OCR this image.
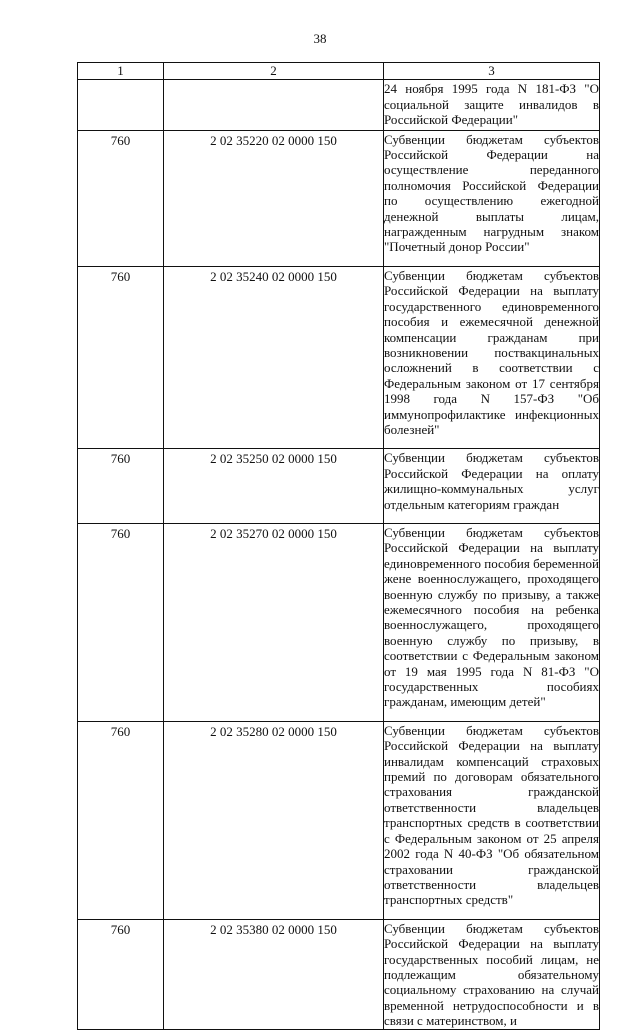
38
1	2	3
		24 ноября 1995 года N 181-ФЗ "О социальной защите инвалидов в Российской Федерации"
760	2 02 35220 02 0000 150	Субвенции бюджетам субъектов Российской Федерации на осуществление переданного полномочия Российской Федерации по осуществлению ежегодной денежной выплаты лицам, награжденным нагрудным знаком "Почетный донор России"
760	2 02 35240 02 0000 150	Субвенции бюджетам субъектов Российской Федерации на выплату государственного единовременного пособия и ежемесячной денежной компенсации гражданам при возникновении поствакцинальных осложнений в соответствии с Федеральным законом от 17 сентября 1998 года N 157-ФЗ "Об иммунопрофилактике инфекционных болезней"
760	2 02 35250 02 0000 150	Субвенции бюджетам субъектов Российской Федерации на оплату жилищно-коммунальных услуг отдельным категориям граждан
760	2 02 35270 02 0000 150	Субвенции бюджетам субъектов Российской Федерации на выплату единовременного пособия беременной жене военнослужащего, проходящего военную службу по призыву, а также ежемесячного пособия на ребенка военнослужащего, проходящего военную службу по призыву, в соответствии с Федеральным законом от 19 мая 1995 года N 81-ФЗ "О государственных пособиях гражданам, имеющим детей"
760	2 02 35280 02 0000 150	Субвенции бюджетам субъектов Российской Федерации на выплату инвалидам компенсаций страховых премий по договорам обязательного страхования гражданской ответственности владельцев транспортных средств в соответствии с Федеральным законом от 25 апреля 2002 года N 40-ФЗ "Об обязательном страховании гражданской ответственности владельцев транспортных средств"
760	2 02 35380 02 0000 150	Субвенции бюджетам субъектов Российской Федерации на выплату государственных пособий лицам, не подлежащим обязательному социальному страхованию на случай временной нетрудоспособности и в связи с материнством, и
